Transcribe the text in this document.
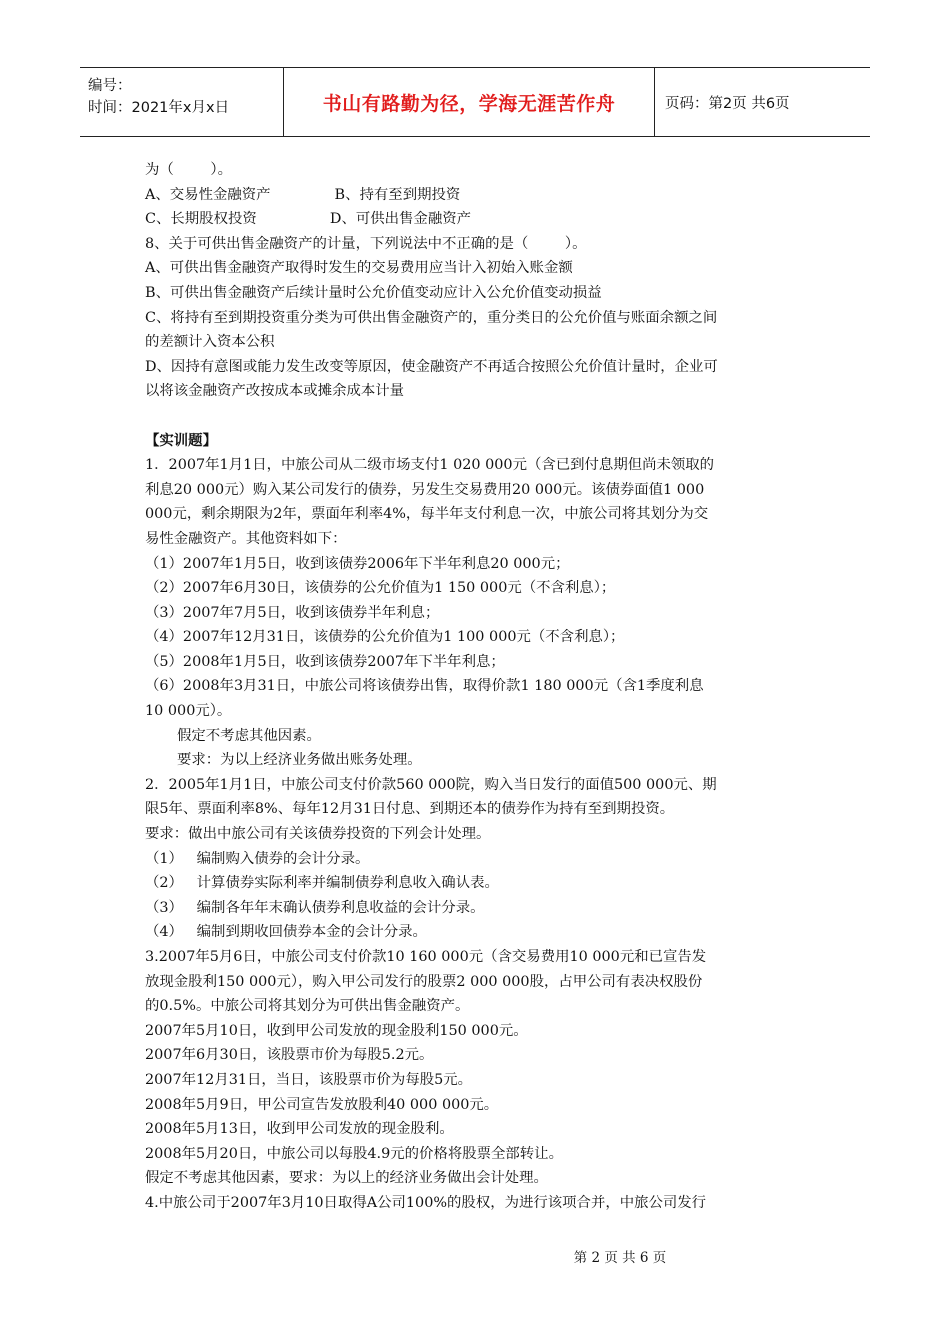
编号：
时间：2021年x月x日	书山有路勤为径，学海无涯苦作舟	页码：第2页 共6页

为（        ）。

A、交易性金融资产              B、持有至到期投资

C、长期股权投资                D、可供出售金融资产

8、关于可供出售金融资产的计量，下列说法中不正确的是（        ）。

A、可供出售金融资产取得时发生的交易费用应当计入初始入账金额

B、可供出售金融资产后续计量时公允价值变动应计入公允价值变动损益

C、将持有至到期投资重分类为可供出售金融资产的，重分类日的公允价值与账面余额之间

的差额计入资本公积

D、因持有意图或能力发生改变等原因，使金融资产不再适合按照公允价值计量时，企业可

以将该金融资产改按成本或摊余成本计量

【实训题】

1．2007年1月1日，中旅公司从二级市场支付1 020 000元（含已到付息期但尚未领取的

利息20 000元）购入某公司发行的债券，另发生交易费用20 000元。该债券面值1 000

000元，剩余期限为2年，票面年利率4%，每半年支付利息一次，中旅公司将其划分为交

易性金融资产。其他资料如下：

（1）2007年1月5日，收到该债券2006年下半年利息20 000元；

（2）2007年6月30日，该债券的公允价值为1 150 000元（不含利息）；

（3）2007年7月5日，收到该债券半年利息；

（4）2007年12月31日，该债券的公允价值为1 100 000元（不含利息）；

（5）2008年1月5日，收到该债券2007年下半年利息；

（6）2008年3月31日，中旅公司将该债券出售，取得价款1 180 000元（含1季度利息

10 000元）。

假定不考虑其他因素。

要求：为以上经济业务做出账务处理。

2．2005年1月1日，中旅公司支付价款560 000院，购入当日发行的面值500 000元、期

限5年、票面利率8%、每年12月31日付息、到期还本的债券作为持有至到期投资。

要求：做出中旅公司有关该债券投资的下列会计处理。

（1）   编制购入债券的会计分录。

（2）   计算债券实际利率并编制债券利息收入确认表。

（3）   编制各年年末确认债券利息收益的会计分录。

（4）   编制到期收回债券本金的会计分录。

3.2007年5月6日，中旅公司支付价款10 160 000元（含交易费用10 000元和已宣告发

放现金股利150 000元），购入甲公司发行的股票2 000 000股，占甲公司有表决权股份

的0.5%。中旅公司将其划分为可供出售金融资产。

2007年5月10日，收到甲公司发放的现金股利150 000元。

2007年6月30日，该股票市价为每股5.2元。

2007年12月31日，当日，该股票市价为每股5元。

2008年5月9日，甲公司宣告发放股利40 000 000元。

2008年5月13日，收到甲公司发放的现金股利。

2008年5月20日，中旅公司以每股4.9元的价格将股票全部转让。

假定不考虑其他因素，要求：为以上的经济业务做出会计处理。

4.中旅公司于2007年3月10日取得A公司100%的股权，为进行该项合并，中旅公司发行

第 2 页 共 6 页
